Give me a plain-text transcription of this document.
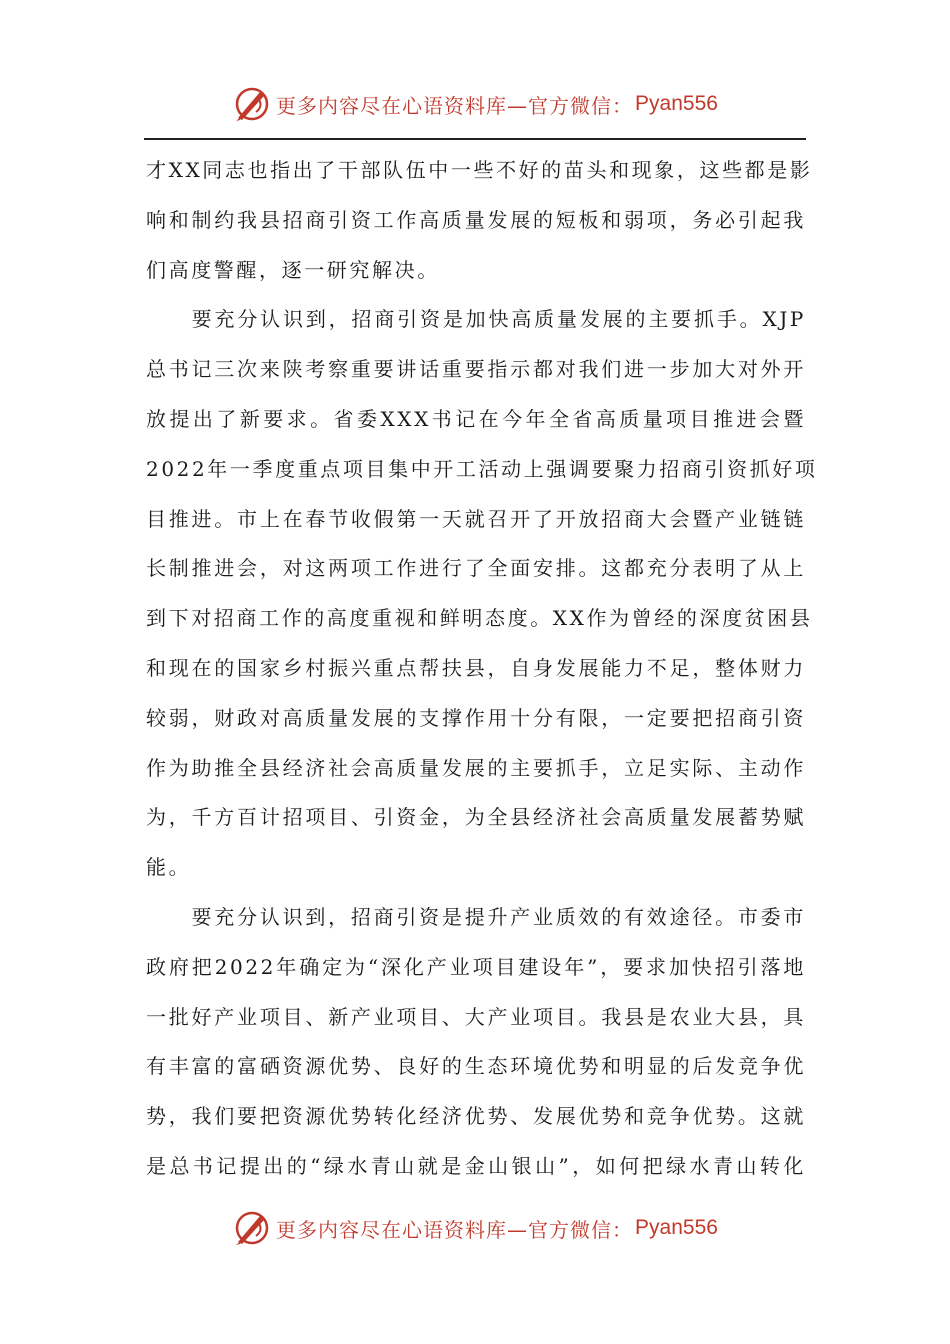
更多内容尽在心语资料库—官方微信： Pyan556
才XX同志也指出了干部队伍中一些不好的苗头和现象，这些都是影
响和制约我县招商引资工作高质量发展的短板和弱项，务必引起我
们高度警醒，逐一研究解决。
　　要充分认识到，招商引资是加快高质量发展的主要抓手。XJP
总书记三次来陕考察重要讲话重要指示都对我们进一步加大对外开
放提出了新要求。省委XXX书记在今年全省高质量项目推进会暨
2022年一季度重点项目集中开工活动上强调要聚力招商引资抓好项
目推进。市上在春节收假第一天就召开了开放招商大会暨产业链链
长制推进会，对这两项工作进行了全面安排。这都充分表明了从上
到下对招商工作的高度重视和鲜明态度。XX作为曾经的深度贫困县
和现在的国家乡村振兴重点帮扶县，自身发展能力不足，整体财力
较弱，财政对高质量发展的支撑作用十分有限，一定要把招商引资
作为助推全县经济社会高质量发展的主要抓手，立足实际、主动作
为，千方百计招项目、引资金，为全县经济社会高质量发展蓄势赋
能。
　　要充分认识到，招商引资是提升产业质效的有效途径。市委市
政府把2022年确定为“深化产业项目建设年”，要求加快招引落地
一批好产业项目、新产业项目、大产业项目。我县是农业大县，具
有丰富的富硒资源优势、良好的生态环境优势和明显的后发竞争优
势，我们要把资源优势转化经济优势、发展优势和竞争优势。这就
是总书记提出的“绿水青山就是金山银山”，如何把绿水青山转化
更多内容尽在心语资料库—官方微信： Pyan556
